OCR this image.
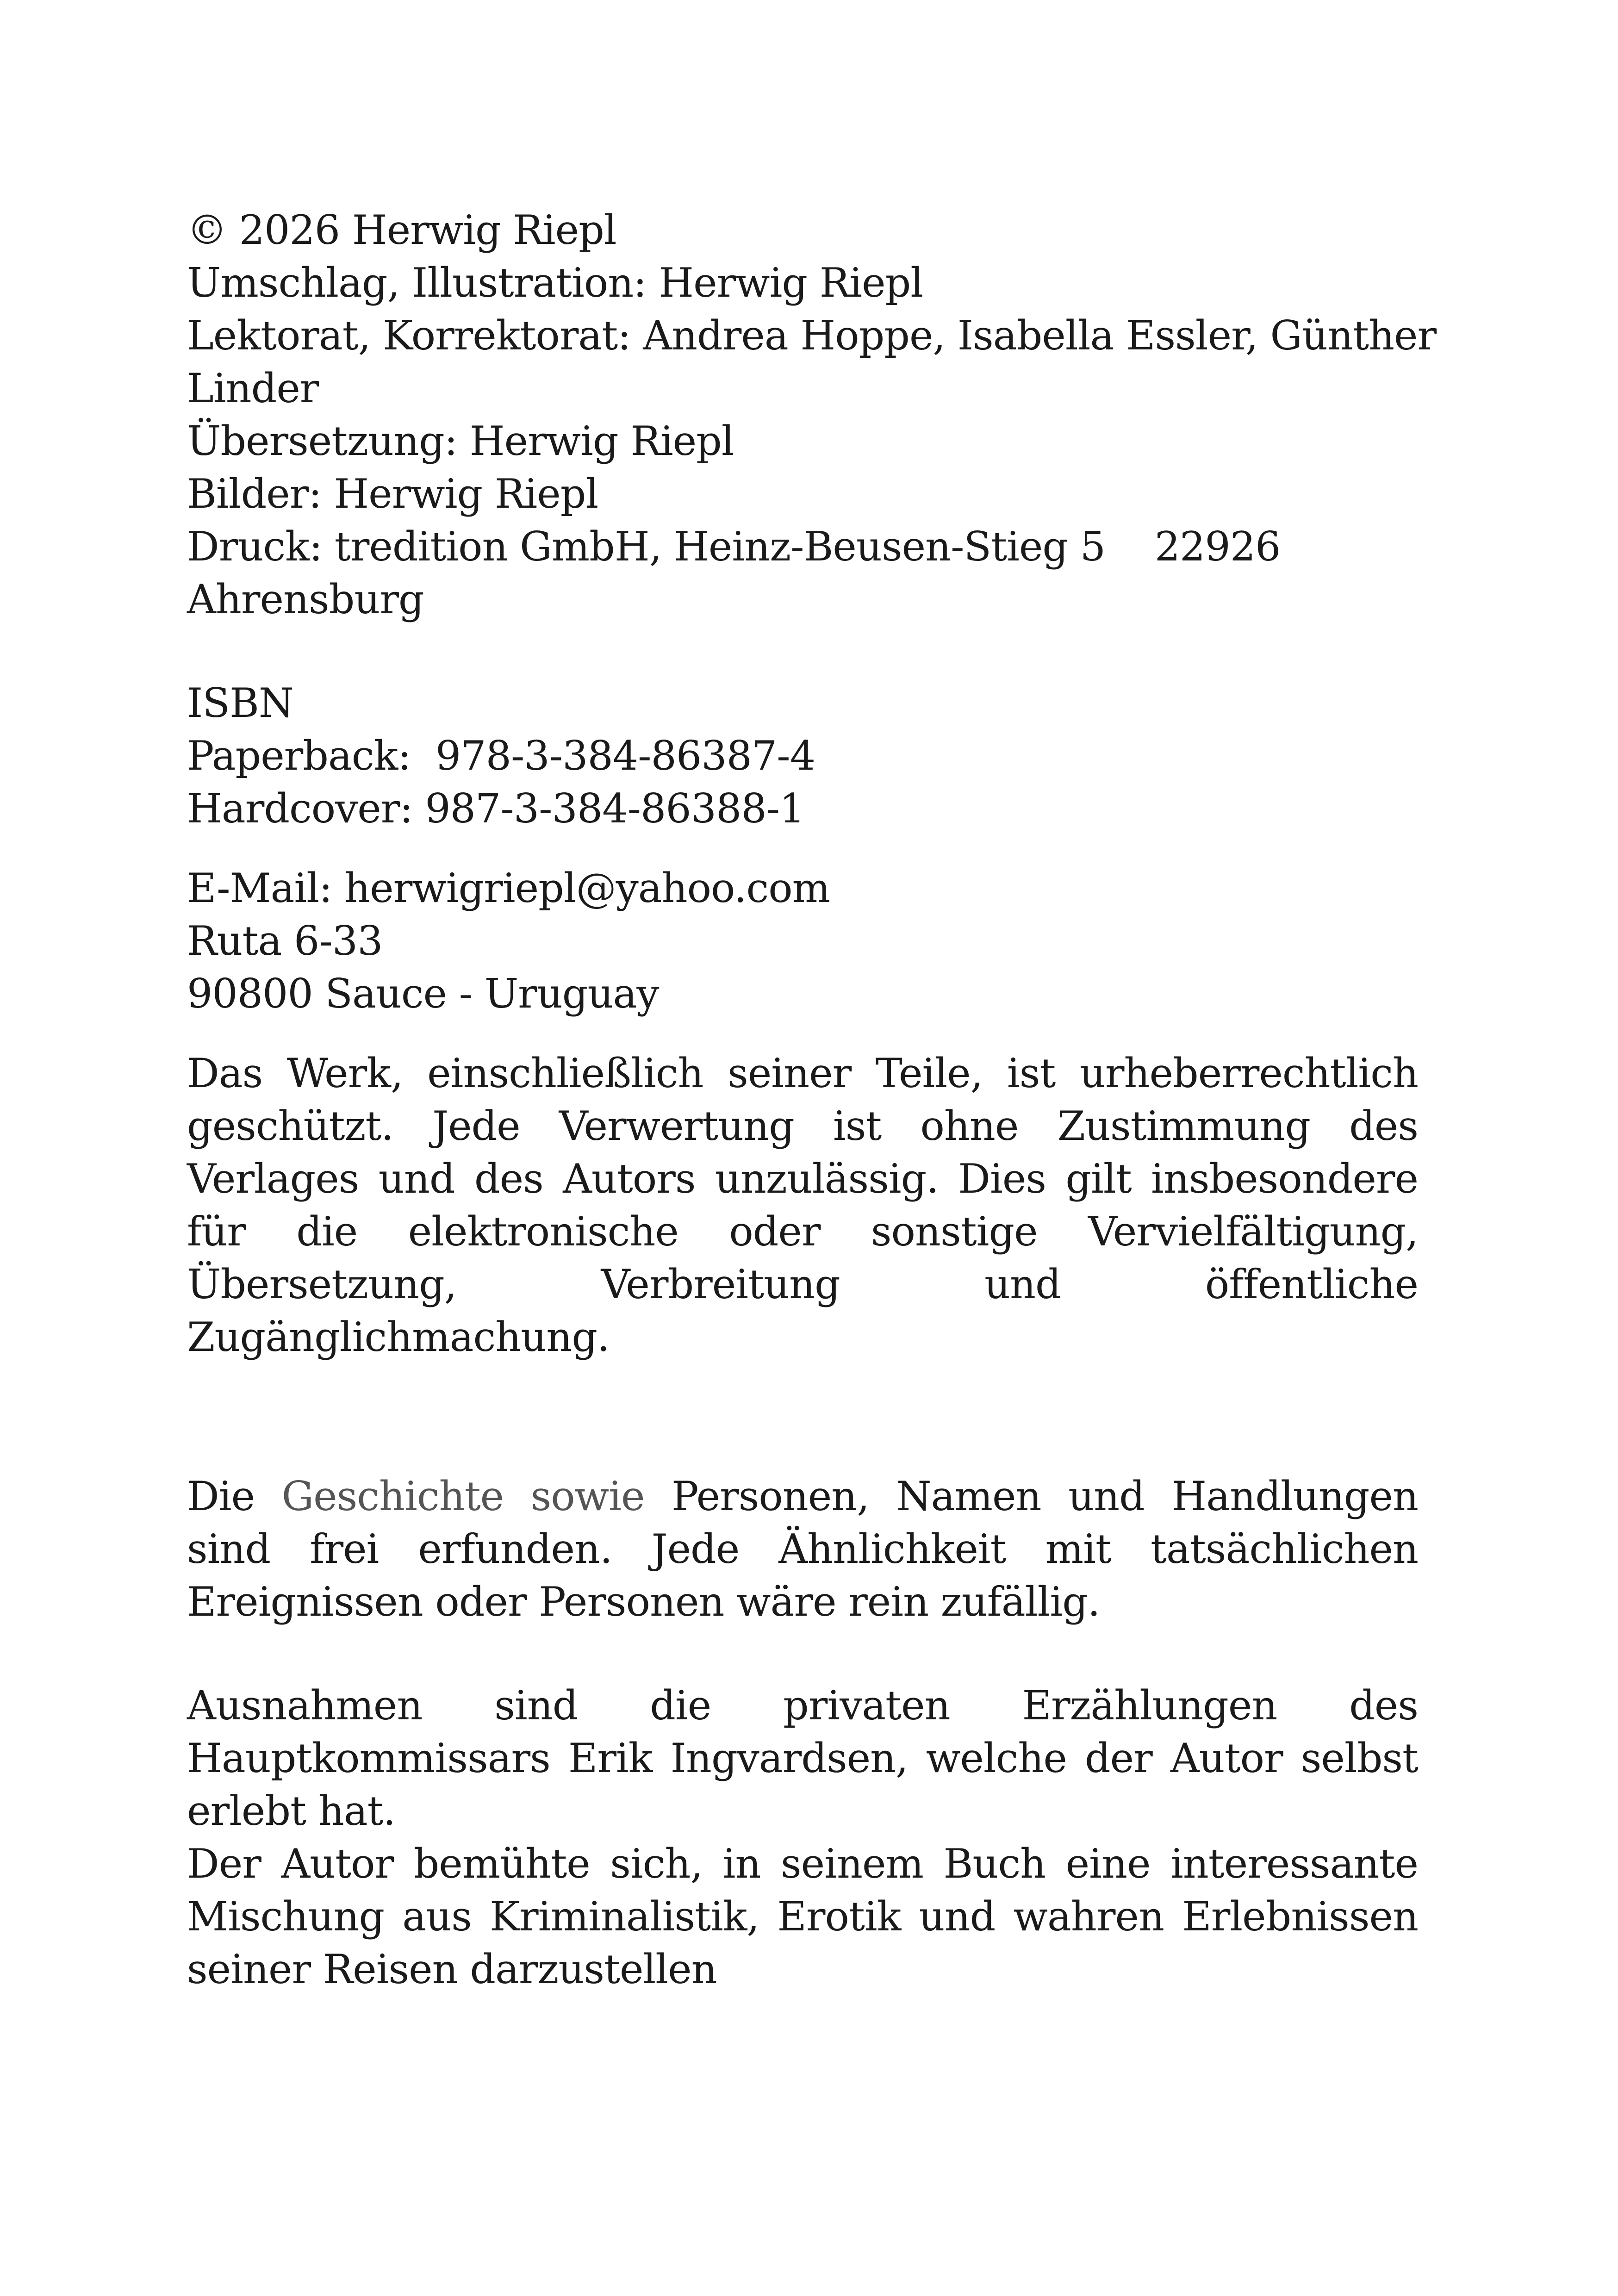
© 2026 Herwig Riepl
Umschlag, Illustration: Herwig Riepl
Lektorat, Korrektorat: Andrea Hoppe, Isabella Essler, Günther
Linder
Übersetzung: Herwig Riepl
Bilder: Herwig Riepl
Druck: tredition GmbH, Heinz-Beusen-Stieg 5    22926
Ahrensburg
ISBN
Paperback:  978-3-384-86387-4
Hardcover: 987-3-384-86388-1
E-Mail: herwigriepl@yahoo.com
Ruta 6-33
90800 Sauce - Uruguay

Das Werk, einschließlich seiner Teile, ist urheberrechtlich geschützt. Jede Verwertung ist ohne Zustimmung des Verlages und des Autors unzulässig. Dies gilt insbesondere für die elektronische oder sonstige Vervielfältigung, Übersetzung, Verbreitung und öffentliche Zugänglichmachung.

Die Geschichte sowie Personen, Namen und Handlungen sind frei erfunden. Jede Ähnlichkeit mit tatsächlichen Ereignissen oder Personen wäre rein zufällig.

Ausnahmen sind die privaten Erzählungen des Hauptkommissars Erik Ingvardsen, welche der Autor selbst erlebt hat.

Der Autor bemühte sich, in seinem Buch eine interessante Mischung aus Kriminalistik, Erotik und wahren Erlebnissen seiner Reisen darzustellen
